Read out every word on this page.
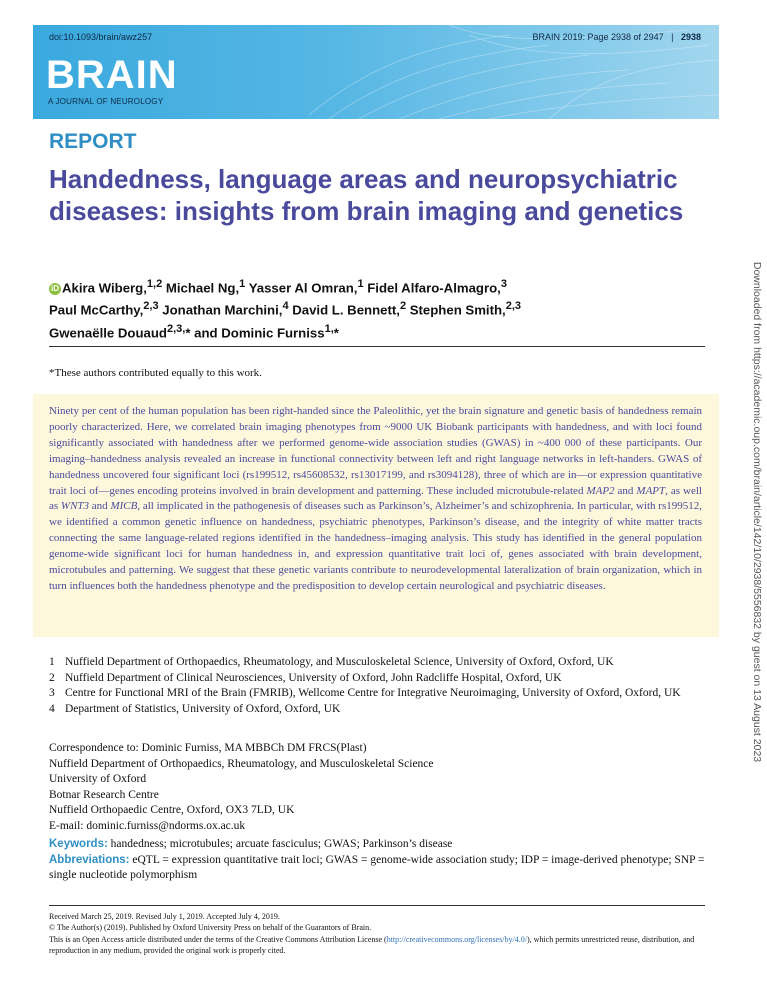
doi:10.1093/brain/awz257	BRAIN 2019: Page 2938 of 2947   |   2938
BRAIN
A JOURNAL OF NEUROLOGY
REPORT
Handedness, language areas and neuropsychiatric diseases: insights from brain imaging and genetics
iD Akira Wiberg,$^{1,2}$ Michael Ng,$^1$ Yasser Al Omran,$^1$ Fidel Alfaro-Almagro,$^3$
Paul McCarthy,$^{2,3}$ Jonathan Marchini,$^4$ David L. Bennett,$^2$ Stephen Smith,$^{2,3}$
Gwenaëlle Douaud$^{2,3,}$* and Dominic Furniss$^{1,}$*
*These authors contributed equally to this work.

Ninety per cent of the human population has been right-handed since the Paleolithic, yet the brain signature and genetic basis of handedness remain poorly characterized. Here, we correlated brain imaging phenotypes from ~9000 UK Biobank participants with handedness, and with loci found significantly associated with handedness after we performed genome-wide association studies (GWAS) in ~400 000 of these participants. Our imaging–handedness analysis revealed an increase in functional connectivity between left and right language networks in left-handers. GWAS of handedness uncovered four significant loci (rs199512, rs45608532, rs13017199, and rs3094128), three of which are in—or expression quantitative trait loci of—genes encoding proteins involved in brain development and patterning. These included microtubule-related MAP2 and MAPT, as well as WNT3 and MICB, all implicated in the pathogenesis of diseases such as Parkinson’s, Alzheimer’s and schizophrenia. In particular, with rs199512, we identified a common genetic influence on handedness, psychiatric phenotypes, Parkinson’s disease, and the integrity of white matter tracts connecting the same language-related regions identified in the handedness–imaging analysis. This study has identified in the general population genome-wide significant loci for human handedness in, and expression quantitative trait loci of, genes associated with brain development, microtubules and patterning. We suggest that these genetic variants contribute to neurodevelopmental lateralization of brain organization, which in turn influences both the handedness phenotype and the predisposition to develop certain neurological and psychiatric diseases.

1 Nuffield Department of Orthopaedics, Rheumatology, and Musculoskeletal Science, University of Oxford, Oxford, UK
2 Nuffield Department of Clinical Neurosciences, University of Oxford, John Radcliffe Hospital, Oxford, UK
3 Centre for Functional MRI of the Brain (FMRIB), Wellcome Centre for Integrative Neuroimaging, University of Oxford, Oxford, UK
4 Department of Statistics, University of Oxford, Oxford, UK
Correspondence to: Dominic Furniss, MA MBBCh DM FRCS(Plast)
Nuffield Department of Orthopaedics, Rheumatology, and Musculoskeletal Science
University of Oxford
Botnar Research Centre
Nuffield Orthopaedic Centre, Oxford, OX3 7LD, UK
E-mail: dominic.furniss@ndorms.ox.ac.uk
Keywords: handedness; microtubules; arcuate fasciculus; GWAS; Parkinson’s disease
Abbreviations: eQTL = expression quantitative trait loci; GWAS = genome-wide association study; IDP = image-derived phenotype; SNP = single nucleotide polymorphism
Received March 25, 2019. Revised July 1, 2019. Accepted July 4, 2019.
© The Author(s) (2019). Published by Oxford University Press on behalf of the Guarantors of Brain.
This is an Open Access article distributed under the terms of the Creative Commons Attribution License (http://creativecommons.org/licenses/by/4.0/), which permits unrestricted reuse, distribution, and reproduction in any medium, provided the original work is properly cited.
Downloaded from https://academic.oup.com/brain/article/142/10/2938/5556832 by guest on 13 August 2023
